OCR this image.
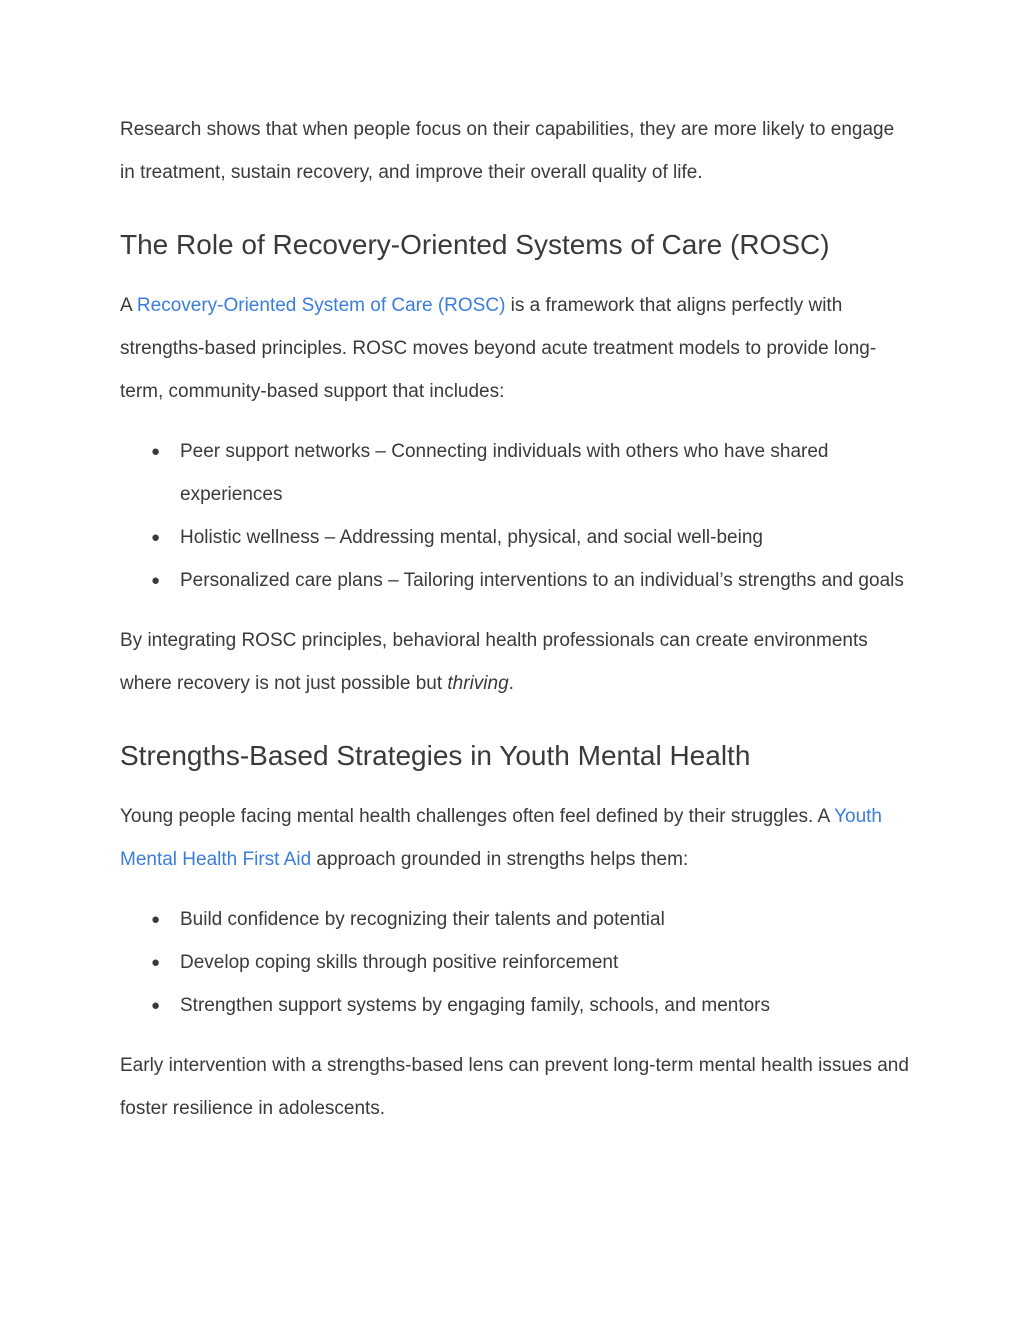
Research shows that when people focus on their capabilities, they are more likely to engage in treatment, sustain recovery, and improve their overall quality of life.

The Role of Recovery-Oriented Systems of Care (ROSC)

A Recovery-Oriented System of Care (ROSC) is a framework that aligns perfectly with strengths-based principles. ROSC moves beyond acute treatment models to provide long-term, community-based support that includes:

● Peer support networks – Connecting individuals with others who have shared experiences
● Holistic wellness – Addressing mental, physical, and social well-being
● Personalized care plans – Tailoring interventions to an individual’s strengths and goals

By integrating ROSC principles, behavioral health professionals can create environments where recovery is not just possible but thriving.

Strengths-Based Strategies in Youth Mental Health

Young people facing mental health challenges often feel defined by their struggles. A Youth Mental Health First Aid approach grounded in strengths helps them:

● Build confidence by recognizing their talents and potential
● Develop coping skills through positive reinforcement
● Strengthen support systems by engaging family, schools, and mentors

Early intervention with a strengths-based lens can prevent long-term mental health issues and foster resilience in adolescents.
